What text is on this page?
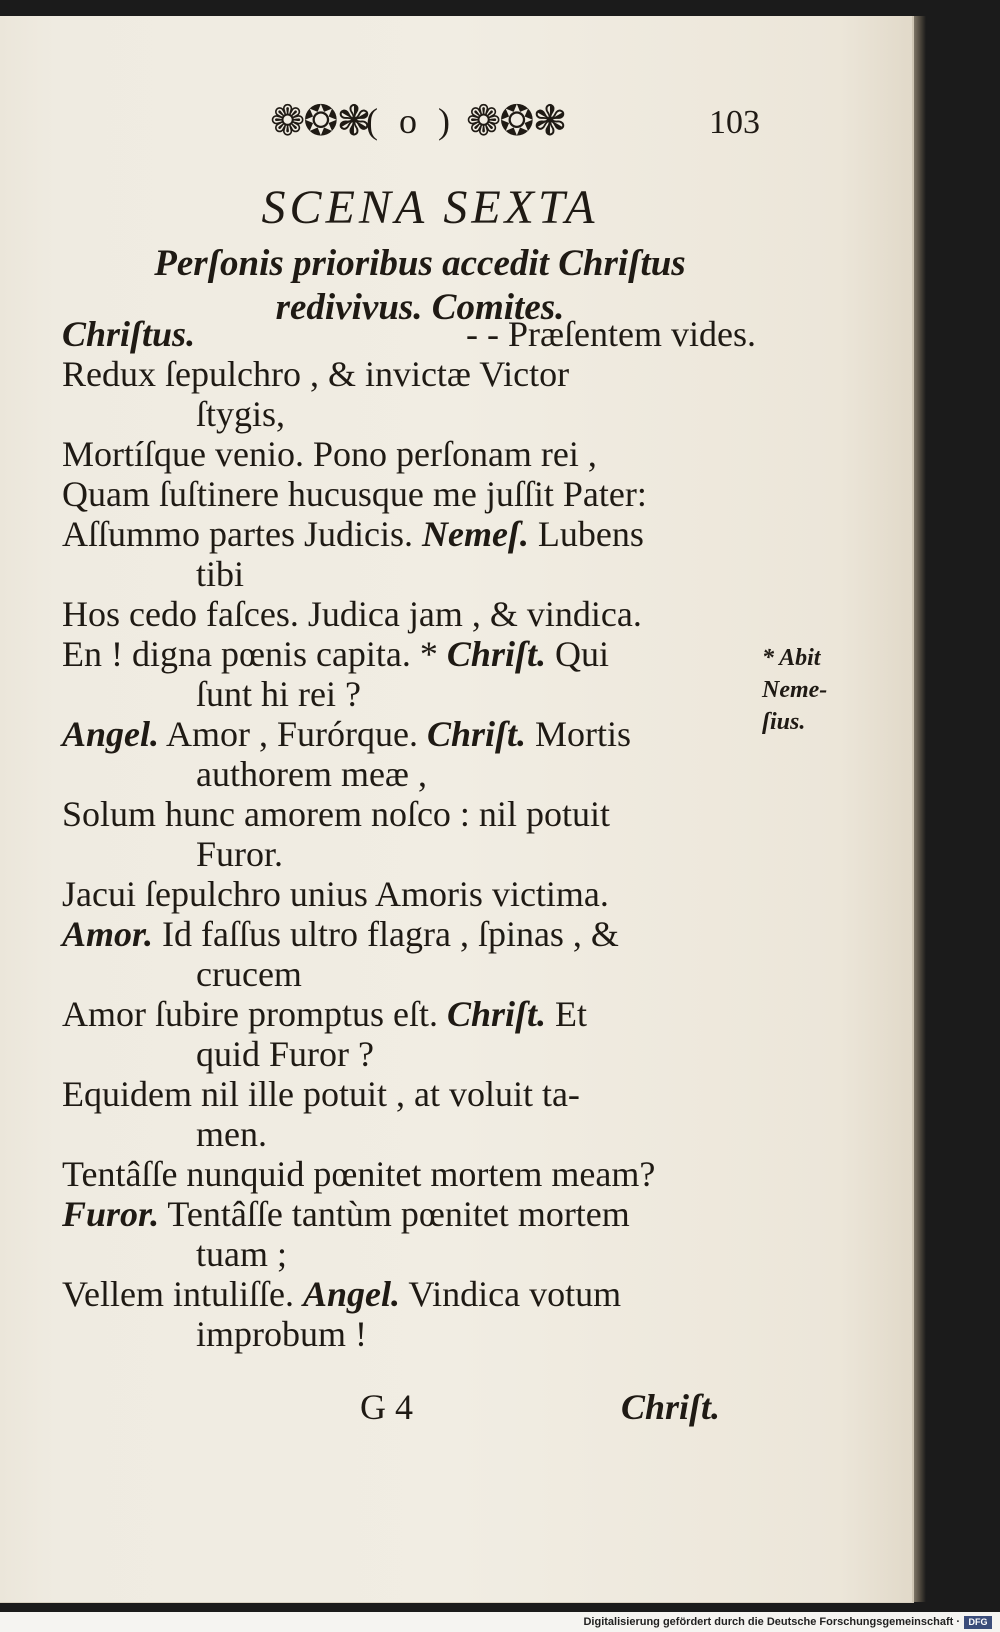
❁❂❃
( o ) ❁❂❃	103
SCENA SEXTA
Perſonis prioribus accedit Chriſtus
redivivus. Comites.
Chriſtus.	- - Præſentem vides.
Redux ſepulchro , & invictæ Victor
ſtygis,
Mortíſque venio. Pono perſonam rei ,
Quam ſuſtinere hucusque me juſſit Pater:
Aſſummo partes Judicis. Nemeſ. Lubens
tibi
Hos cedo faſces. Judica jam , & vindica.
En ! digna pœnis capita. * Chriſt. Qui
ſunt hi rei ?
Angel. Amor , Furórque. Chriſt. Mortis
authorem meæ ,
Solum hunc amorem noſco : nil potuit
Furor.
Jacui ſepulchro unius Amoris victima.
Amor. Id faſſus ultro flagra , ſpinas , &
crucem
Amor ſubire promptus eſt. Chriſt. Et
quid Furor ?
Equidem nil ille potuit , at voluit ta-
men.
Tentâſſe nunquid pœnitet mortem meam?
Furor. Tentâſſe tantùm pœnitet mortem
tuam ;
Vellem intuliſſe. Angel. Vindica votum
improbum !
* Abit
Neme-
ſius.
G 4	Chriſt.
Digitalisierung gefördert durch die Deutsche Forschungsgemeinschaft · DFG
